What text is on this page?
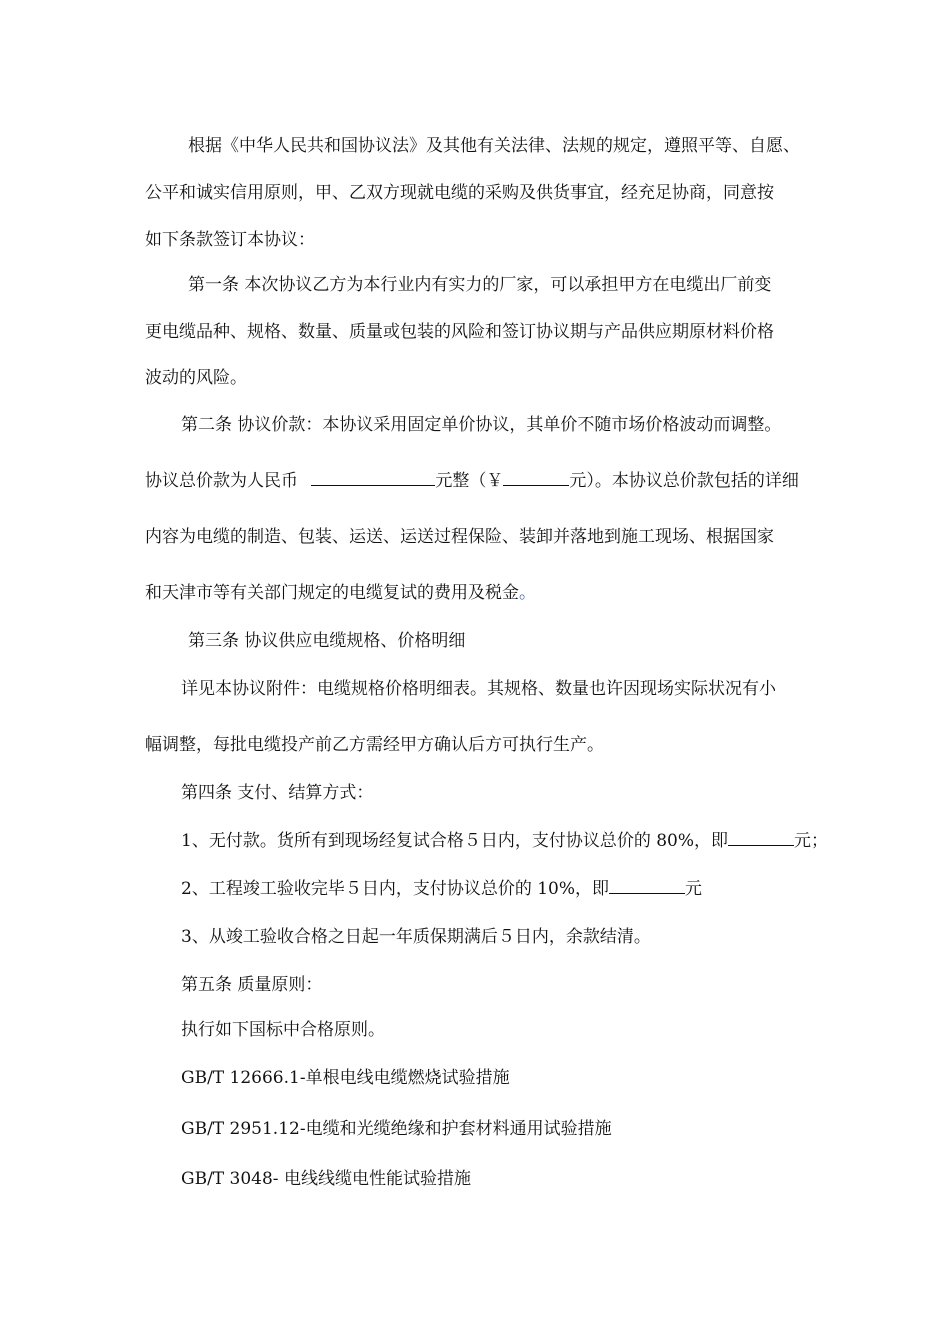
根据《中华人民共和国协议法》及其他有关法律、法规的规定，遵照平等、自愿、
公平和诚实信用原则，甲、乙双方现就电缆的采购及供货事宜，经充足协商，同意按
如下条款签订本协议：
第一条 本次协议乙方为本行业内有实力的厂家，可以承担甲方在电缆出厂前变
更电缆品种、规格、数量、质量或包装的风险和签订协议期与产品供应期原材料价格
波动的风险。
第二条 协议价款：本协议采用固定单价协议，其单价不随市场价格波动而调整。
协议总价款为人民币	元整（￥	元）。本协议总价款包括的详细
内容为电缆的制造、包装、运送、运送过程保险、装卸并落地到施工现场、根据国家
和天津市等有关部门规定的电缆复试的费用及税金。
第三条 协议供应电缆规格、价格明细
详见本协议附件：电缆规格价格明细表。其规格、数量也许因现场实际状况有小
幅调整，每批电缆投产前乙方需经甲方确认后方可执行生产。
第四条 支付、结算方式：
1、无付款。货所有到现场经复试合格５日内，支付协议总价的 80%，即	元；
2、工程竣工验收完毕５日内，支付协议总价的 10%，即	元
3、从竣工验收合格之日起一年质保期满后５日内，余款结清。
第五条 质量原则：
执行如下国标中合格原则。
GB/T 12666.1-单根电线电缆燃烧试验措施
GB/T 2951.12-电缆和光缆绝缘和护套材料通用试验措施
GB/T 3048- 电线线缆电性能试验措施
